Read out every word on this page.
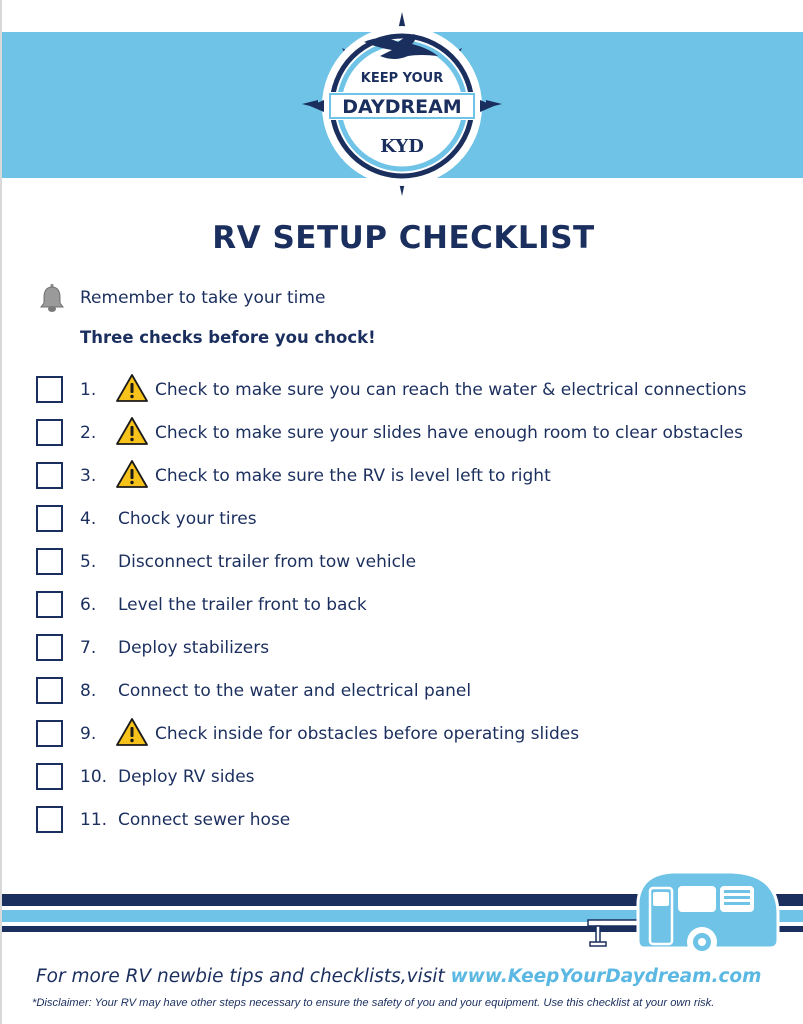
KEEP YOUR
DAYDREAM
KYD
RV SETUP CHECKLIST
Remember to take your time
Three checks before you chock!
1.	Check to make sure you can reach the water & electrical connections
2.	Check to make sure your slides have enough room to clear obstacles
3.	Check to make sure the RV is level left to right
4. Chock your tires
5. Disconnect trailer from tow vehicle
6. Level the trailer front to back
7. Deploy stabilizers
8. Connect to the water and electrical panel
9.	Check inside for obstacles before operating slides
10. Deploy RV sides
11. Connect sewer hose
For more RV newbie tips and checklists,visit www.KeepYourDaydream.com
*Disclaimer: Your RV may have other steps necessary to ensure the safety of you and your equipment. Use this checklist at your own risk.
